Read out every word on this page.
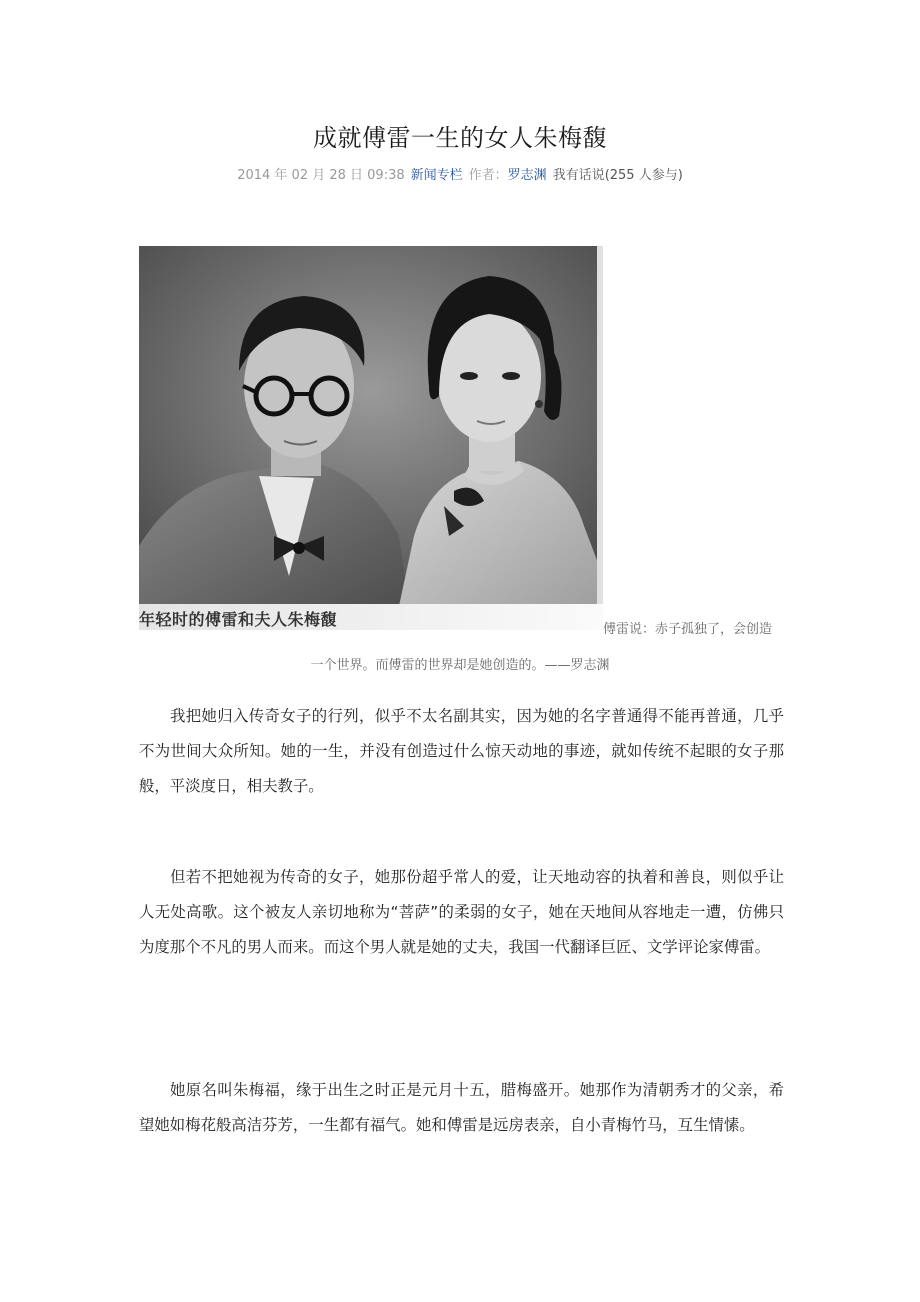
成就傅雷一生的女人朱梅馥
2014 年 02 月 28 日 09:38 新闻专栏 作者：罗志渊 我有话说(255 人参与)
年轻时的傅雷和夫人朱梅馥
傅雷说：赤子孤独了，会创造
一个世界。而傅雷的世界却是她创造的。——罗志渊

我把她归入传奇女子的行列，似乎不太名副其实，因为她的名字普通得不能再普通，几乎不为世间大众所知。她的一生，并没有创造过什么惊天动地的事迹，就如传统不起眼的女子那般，平淡度日，相夫教子。

但若不把她视为传奇的女子，她那份超乎常人的爱，让天地动容的执着和善良，则似乎让人无处高歌。这个被友人亲切地称为“菩萨”的柔弱的女子，她在天地间从容地走一遭，仿佛只为度那个不凡的男人而来。而这个男人就是她的丈夫，我国一代翻译巨匠、文学评论家傅雷。

她原名叫朱梅福，缘于出生之时正是元月十五，腊梅盛开。她那作为清朝秀才的父亲，希望她如梅花般高洁芬芳，一生都有福气。她和傅雷是远房表亲，自小青梅竹马，互生情愫。
